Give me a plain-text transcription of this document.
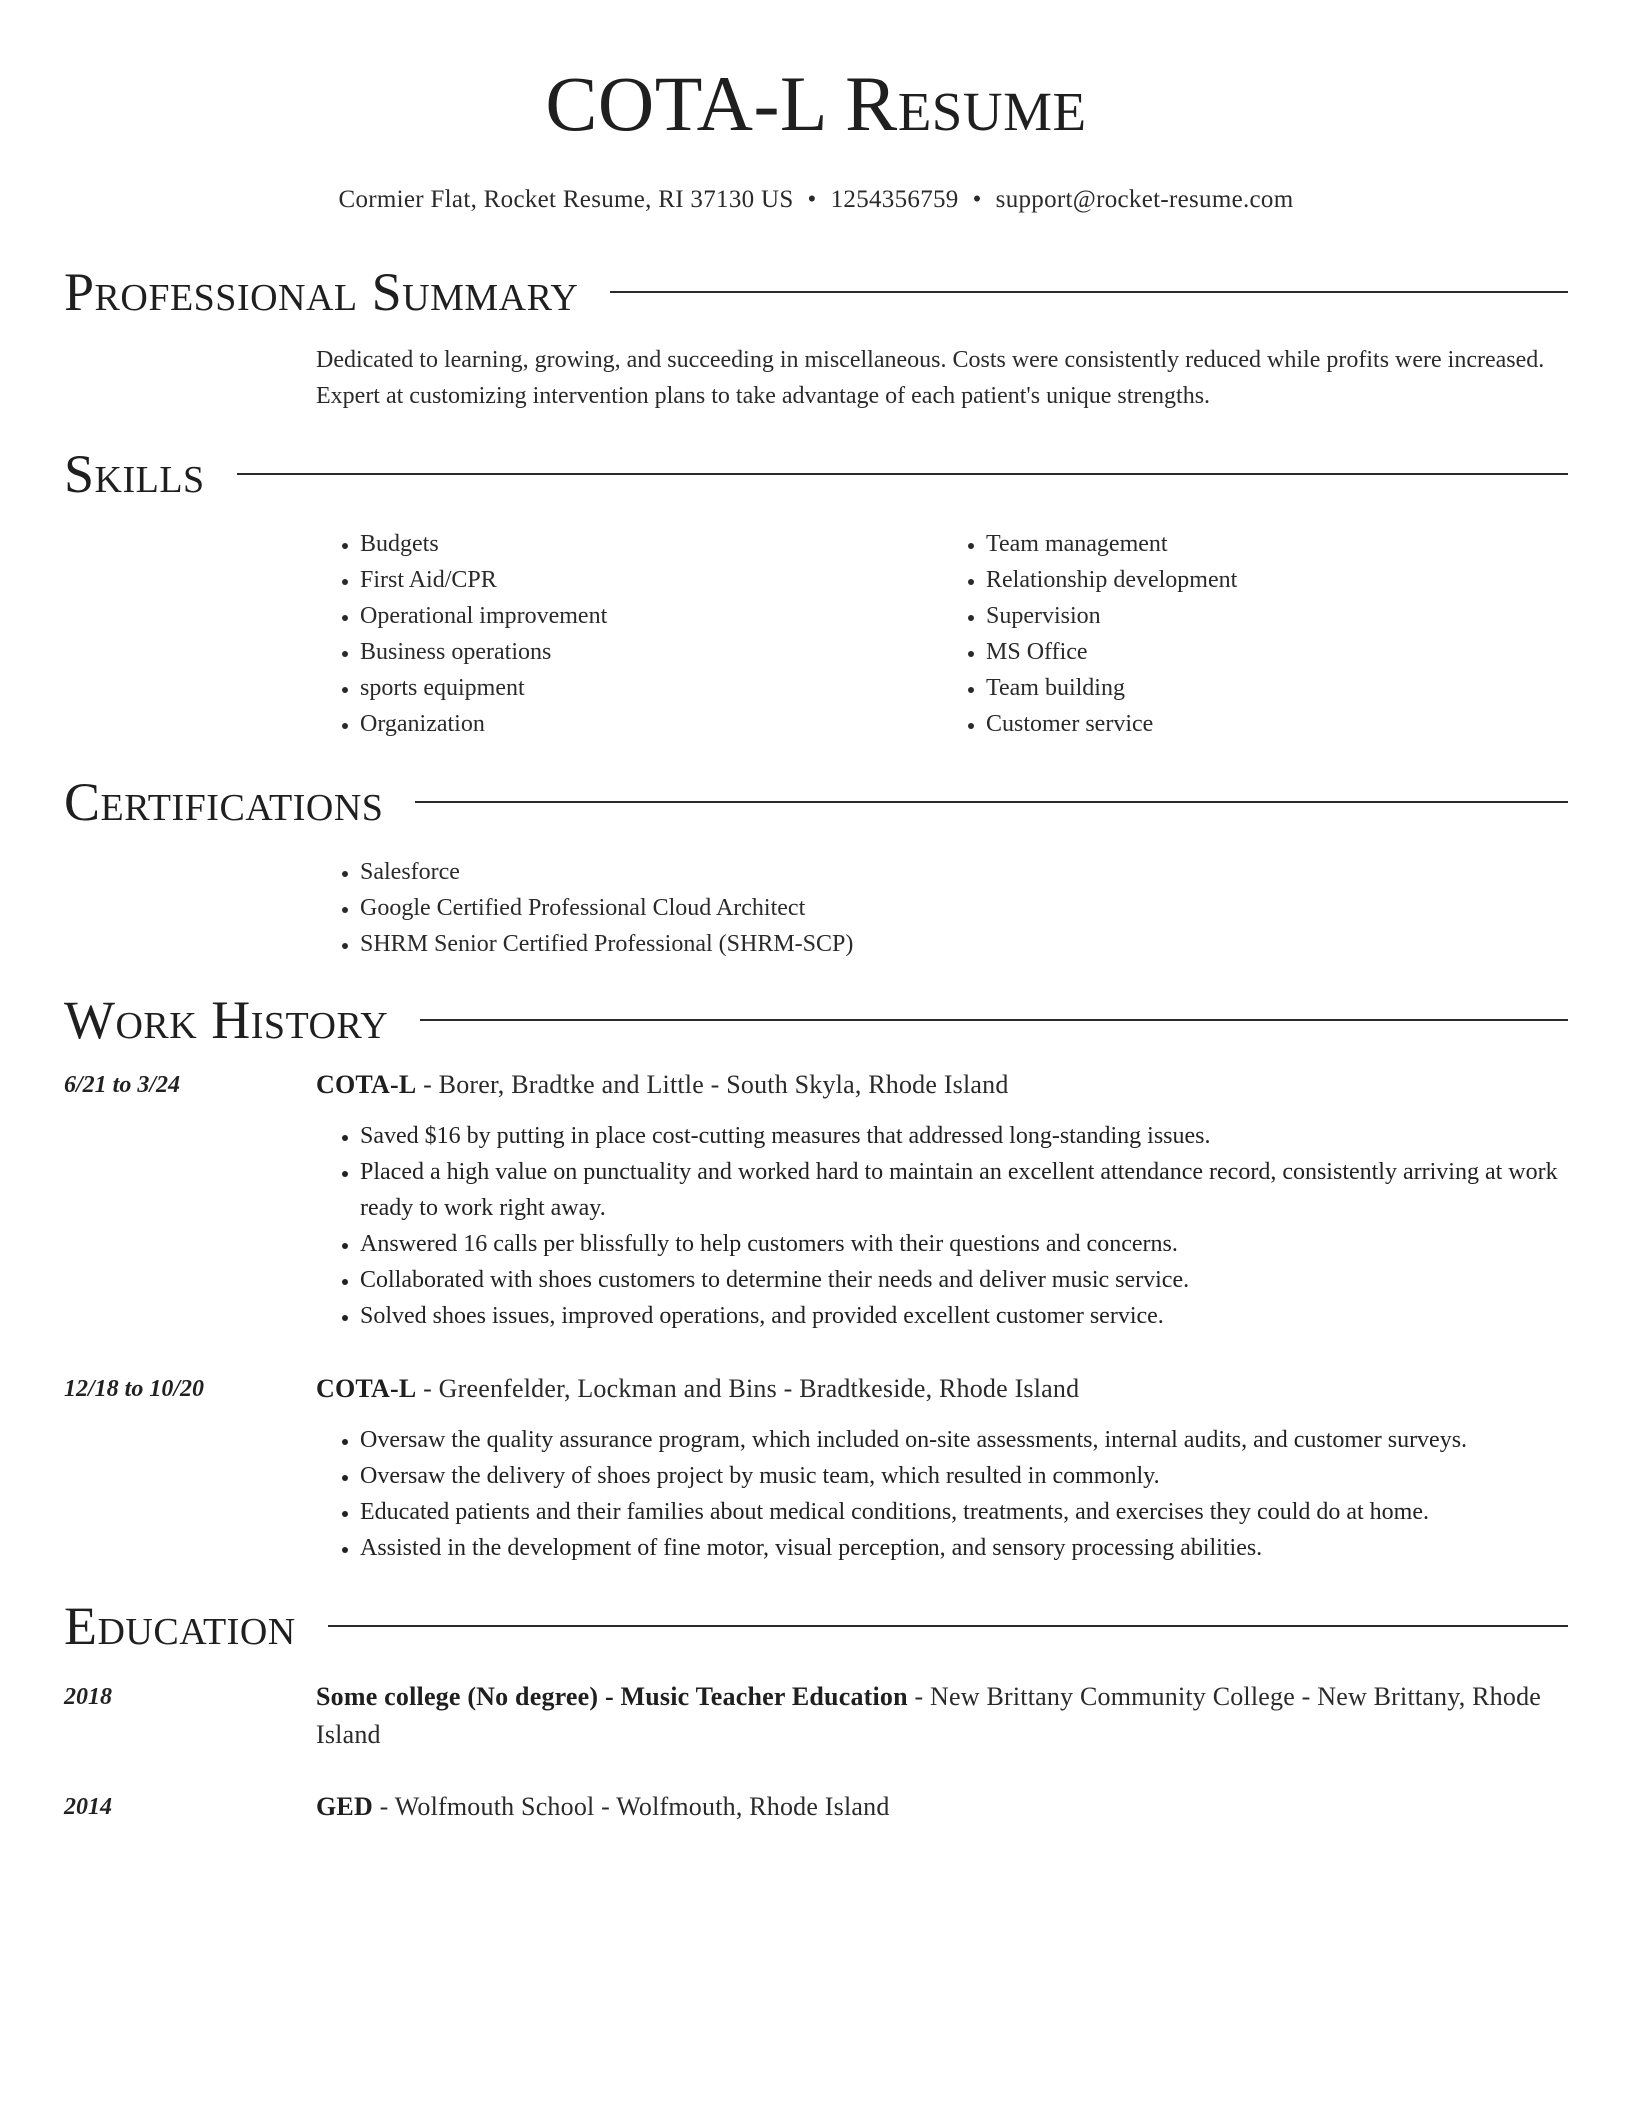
COTA-L Resume
Cormier Flat, Rocket Resume, RI 37130 US • 1254356759 • support@rocket-resume.com
Professional Summary

Dedicated to learning, growing, and succeeding in miscellaneous. Costs were consistently reduced while profits were increased. Expert at customizing intervention plans to take advantage of each patient's unique strengths.

Skills
• Budgets
• First Aid/CPR
• Operational improvement
• Business operations
• sports equipment
• Organization
• Team management
• Relationship development
• Supervision
• MS Office
• Team building
• Customer service
Certifications
• Salesforce
• Google Certified Professional Cloud Architect
• SHRM Senior Certified Professional (SHRM-SCP)
Work History
6/21 to 3/24	COTA-L - Borer, Bradtke and Little - South Skyla, Rhode Island
• Saved $16 by putting in place cost-cutting measures that addressed long-standing issues.
• Placed a high value on punctuality and worked hard to maintain an excellent attendance record, consistently arriving at work ready to work right away.
• Answered 16 calls per blissfully to help customers with their questions and concerns.
• Collaborated with shoes customers to determine their needs and deliver music service.
• Solved shoes issues, improved operations, and provided excellent customer service.
12/18 to 10/20	COTA-L - Greenfelder, Lockman and Bins - Bradtkeside, Rhode Island
• Oversaw the quality assurance program, which included on-site assessments, internal audits, and customer surveys.
• Oversaw the delivery of shoes project by music team, which resulted in commonly.
• Educated patients and their families about medical conditions, treatments, and exercises they could do at home.
• Assisted in the development of fine motor, visual perception, and sensory processing abilities.
Education
2018	Some college (No degree) - Music Teacher Education - New Brittany Community College - New Brittany, Rhode Island
2014	GED - Wolfmouth School - Wolfmouth, Rhode Island
